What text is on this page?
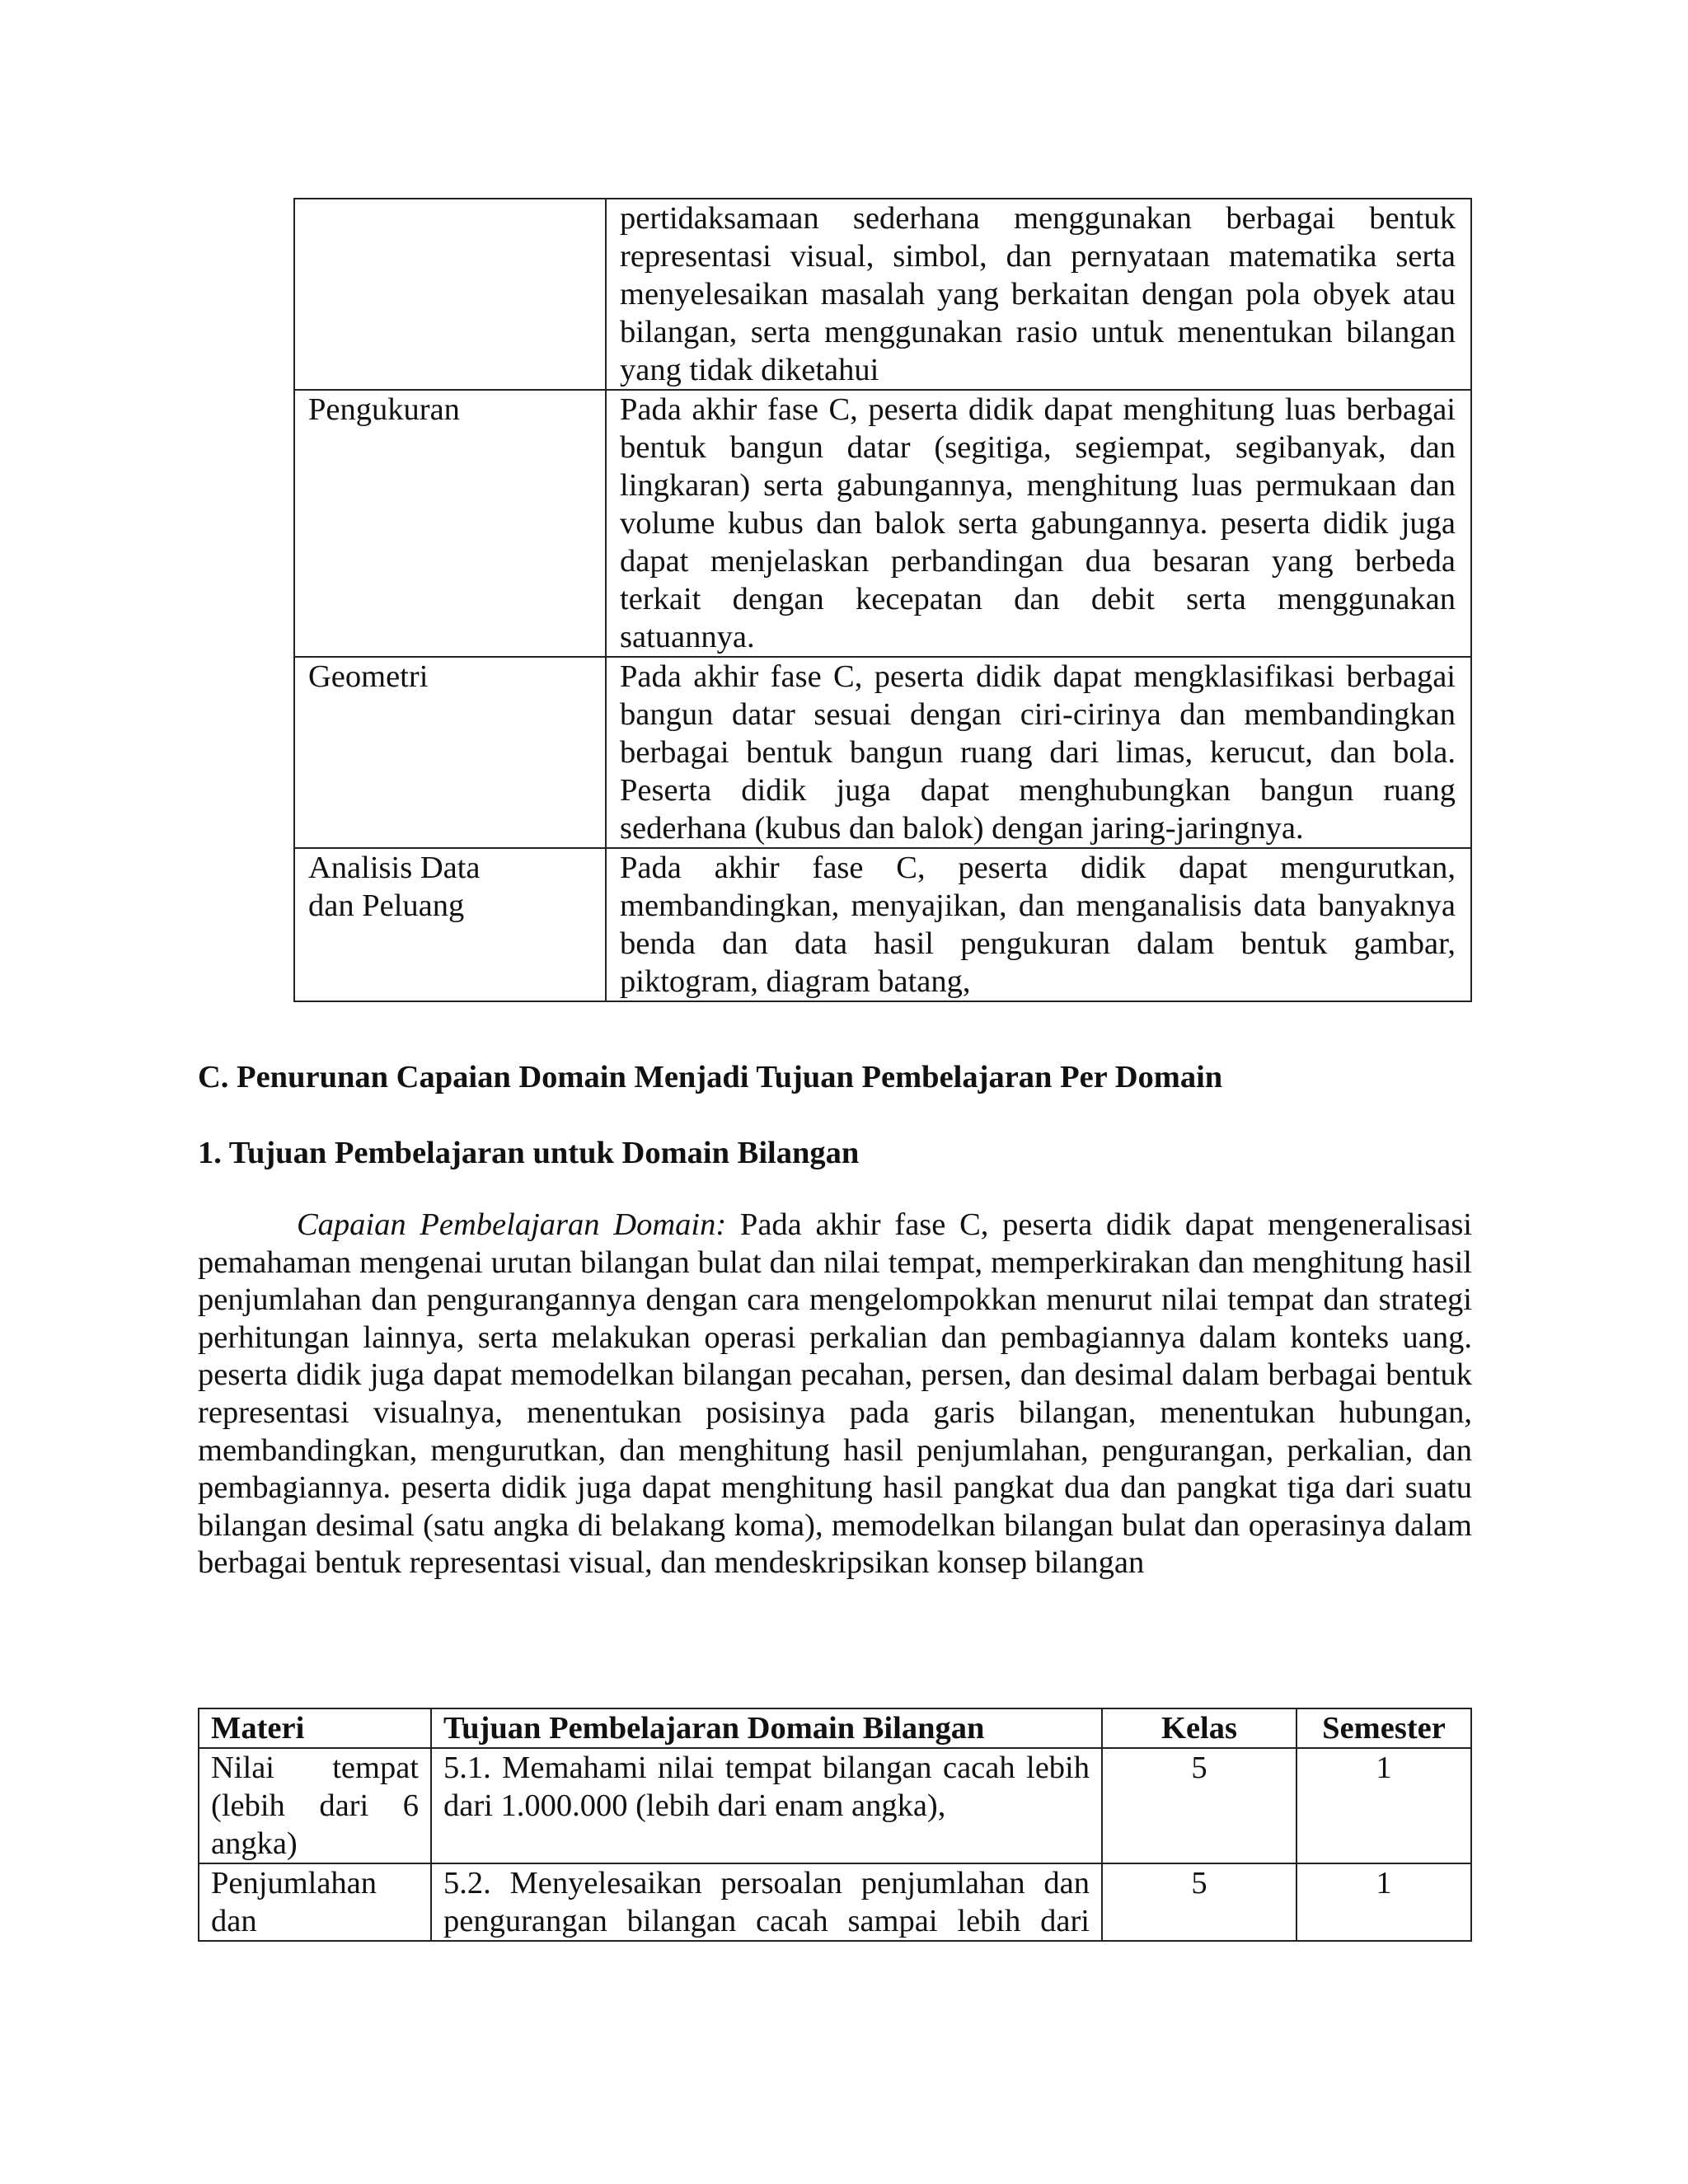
	pertidaksamaan sederhana menggunakan berbagai bentuk representasi visual, simbol, dan pernyataan matematika serta menyelesaikan masalah yang berkaitan dengan pola obyek atau bilangan, serta menggunakan rasio untuk menentukan bilangan yang tidak diketahui
Pengukuran	Pada akhir fase C, peserta didik dapat menghitung luas berbagai bentuk bangun datar (segitiga, segiempat, segibanyak, dan lingkaran) serta gabungannya, menghitung luas permukaan dan volume kubus dan balok serta gabungannya. peserta didik juga dapat menjelaskan perbandingan dua besaran yang berbeda terkait dengan kecepatan dan debit serta menggunakan satuannya.
Geometri	Pada akhir fase C, peserta didik dapat mengklasifikasi berbagai bangun datar sesuai dengan ciri-cirinya dan membandingkan berbagai bentuk bangun ruang dari limas, kerucut, dan bola. Peserta didik juga dapat menghubungkan bangun ruang sederhana (kubus dan balok) dengan jaring-jaringnya.

Analisis Data
dan Peluang	Pada akhir fase C, peserta didik dapat mengurutkan, membandingkan, menyajikan, dan menganalisis data banyaknya benda dan data hasil pengukuran dalam bentuk gambar, piktogram, diagram batang,
C. Penurunan Capaian Domain Menjadi Tujuan Pembelajaran Per Domain
1. Tujuan Pembelajaran untuk Domain Bilangan

Capaian Pembelajaran Domain: Pada akhir fase C, peserta didik dapat mengeneralisasi pemahaman mengenai urutan bilangan bulat dan nilai tempat, memperkirakan dan menghitung hasil penjumlahan dan pengurangannya dengan cara mengelompokkan menurut nilai tempat dan strategi perhitungan lainnya, serta melakukan operasi perkalian dan pembagiannya dalam konteks uang. peserta didik juga dapat memodelkan bilangan pecahan, persen, dan desimal dalam berbagai bentuk representasi visualnya, menentukan posisinya pada garis bilangan, menentukan hubungan, membandingkan, mengurutkan, dan menghitung hasil penjumlahan, pengurangan, perkalian, dan pembagiannya. peserta didik juga dapat menghitung hasil pangkat dua dan pangkat tiga dari suatu bilangan desimal (satu angka di belakang koma), memodelkan bilangan bulat dan operasinya dalam berbagai bentuk representasi visual, dan mendeskripsikan konsep bilangan

Materi	Tujuan Pembelajaran Domain Bilangan	Kelas	Semester
Nilai tempat (lebih dari 6 angka)	5.1. Memahami nilai tempat bilangan cacah lebih dari 1.000.000 (lebih dari enam angka),	5	1
Penjumlahan dan	5.2. Menyelesaikan persoalan penjumlahan dan pengurangan bilangan cacah sampai lebih dari	5	1
